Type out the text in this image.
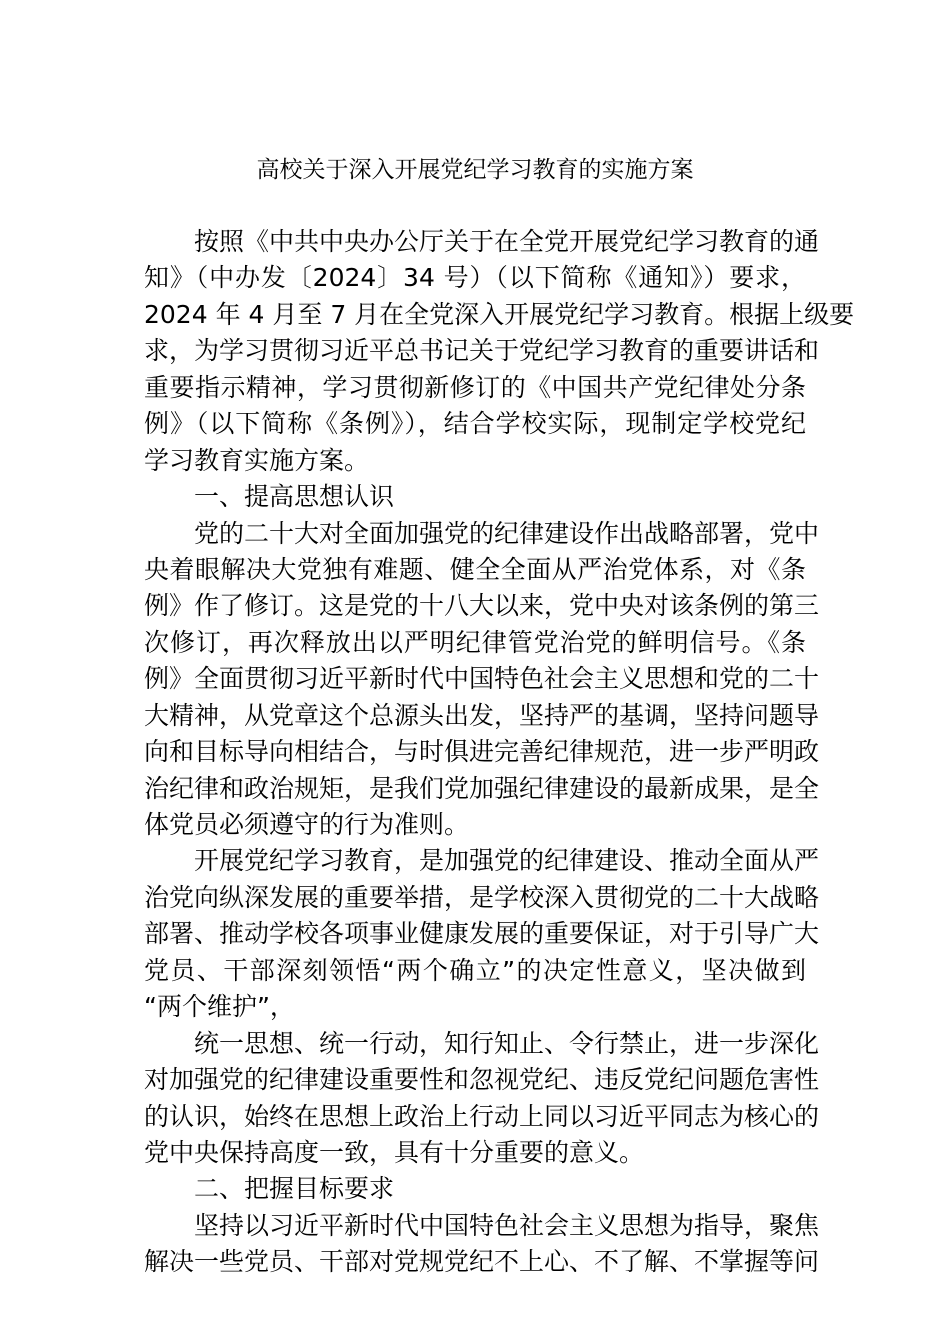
高校关于深入开展党纪学习教育的实施方案
按照《中共中央办公厅关于在全党开展党纪学习教育的通
知》（中办发〔2024〕34 号）（以下简称《通知》）要求，
2024 年 4 月至 7 月在全党深入开展党纪学习教育。根据上级要
求，为学习贯彻习近平总书记关于党纪学习教育的重要讲话和
重要指示精神，学习贯彻新修订的《中国共产党纪律处分条
例》（以下简称《条例》），结合学校实际，现制定学校党纪
学习教育实施方案。
一、提高思想认识
党的二十大对全面加强党的纪律建设作出战略部署，党中
央着眼解决大党独有难题、健全全面从严治党体系，对《条
例》作了修订。这是党的十八大以来，党中央对该条例的第三
次修订，再次释放出以严明纪律管党治党的鲜明信号。《条
例》全面贯彻习近平新时代中国特色社会主义思想和党的二十
大精神，从党章这个总源头出发，坚持严的基调，坚持问题导
向和目标导向相结合，与时俱进完善纪律规范，进一步严明政
治纪律和政治规矩，是我们党加强纪律建设的最新成果，是全
体党员必须遵守的行为准则。
开展党纪学习教育，是加强党的纪律建设、推动全面从严
治党向纵深发展的重要举措，是学校深入贯彻党的二十大战略
部署、推动学校各项事业健康发展的重要保证，对于引导广大
党员、干部深刻领悟“两个确立”的决定性意义，坚决做到
“两个维护”，
统一思想、统一行动，知行知止、令行禁止，进一步深化
对加强党的纪律建设重要性和忽视党纪、违反党纪问题危害性
的认识，始终在思想上政治上行动上同以习近平同志为核心的
党中央保持高度一致，具有十分重要的意义。
二、把握目标要求
坚持以习近平新时代中国特色社会主义思想为指导，聚焦
解决一些党员、干部对党规党纪不上心、不了解、不掌握等问
